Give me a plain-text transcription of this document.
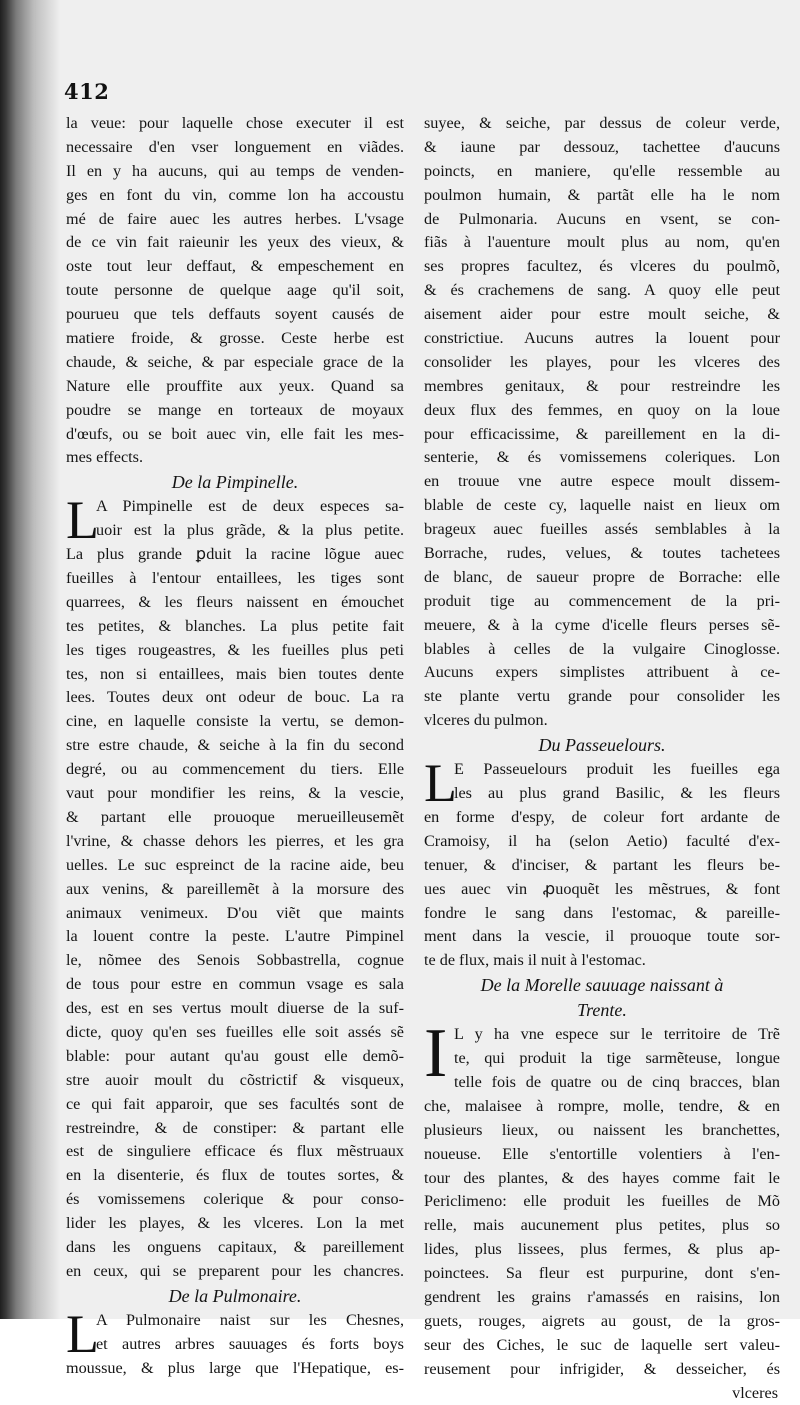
412
la veue: pour laquelle chose executer il est
necessaire d'en vser longuement en viãdes.
Il en y ha aucuns, qui au temps de venden-
ges en font du vin, comme lon ha accoustu
mé de faire auec les autres herbes. L'vsage
de ce vin fait raieunir les yeux des vieux, &
oste tout leur deffaut, & empeschement en
toute personne de quelque aage qu'il soit,
pourueu que tels deffauts soyent causés de
matiere froide, & grosse. Ceste herbe est
chaude, & seiche, & par especiale grace de la
Nature elle prouffite aux yeux. Quand sa
poudre se mange en torteaux de moyaux
d'œufs, ou se boit auec vin, elle fait les mes-
mes effects.
De la Pimpinelle.
L
A Pimpinelle est de deux especes sa-
uoir est la plus grãde, & la plus petite.
La plus grande ꝑduit la racine lõgue auec
fueilles à l'entour entaillees, les tiges sont
quarrees, & les fleurs naissent en émouchet
tes petites, & blanches. La plus petite fait
les tiges rougeastres, & les fueilles plus peti
tes, non si entaillees, mais bien toutes dente
lees. Toutes deux ont odeur de bouc. La ra
cine, en laquelle consiste la vertu, se demon-
stre estre chaude, & seiche à la fin du second
degré, ou au commencement du tiers. Elle
vaut pour mondifier les reins, & la vescie,
& partant elle prouoque merueilleusemẽt
l'vrine, & chasse dehors les pierres, et les gra
uelles. Le suc espreinct de la racine aide, beu
aux venins, & pareillemẽt à la morsure des
animaux venimeux. D'ou viẽt que maints
la louent contre la peste. L'autre Pimpinel
le, nõmee des Senois Sobbastrella, cognue
de tous pour estre en commun vsage es sala
des, est en ses vertus moult diuerse de la suf-
dicte, quoy qu'en ses fueilles elle soit assés sẽ
blable: pour autant qu'au goust elle demõ-
stre auoir moult du cõstrictif & visqueux,
ce qui fait apparoir, que ses facultés sont de
restreindre, & de constiper: & partant elle
est de singuliere efficace és flux mẽstruaux
en la disenterie, és flux de toutes sortes, &
és vomissemens colerique & pour conso-
lider les playes, & les vlceres. Lon la met
dans les onguens capitaux, & pareillement
en ceux, qui se preparent pour les chancres.
De la Pulmonaire.
L
A Pulmonaire naist sur les Chesnes,
et autres arbres sauuages és forts boys
moussue, & plus large que l'Hepatique, es-
suyee, & seiche, par dessus de coleur verde,
& iaune par dessouz, tachettee d'aucuns
poincts, en maniere, qu'elle ressemble au
poulmon humain, & partãt elle ha le nom
de Pulmonaria. Aucuns en vsent, se con-
fiãs à l'auenture moult plus au nom, qu'en
ses propres facultez, és vlceres du poulmõ,
& és crachemens de sang. A quoy elle peut
aisement aider pour estre moult seiche, &
constrictiue. Aucuns autres la louent pour
consolider les playes, pour les vlceres des
membres genitaux, & pour restreindre les
deux flux des femmes, en quoy on la loue
pour efficacissime, & pareillement en la di-
senterie, & és vomissemens coleriques. Lon
en trouue vne autre espece moult dissem-
blable de ceste cy, laquelle naist en lieux om
brageux auec fueilles assés semblables à la
Borrache, rudes, velues, & toutes tachetees
de blanc, de saueur propre de Borrache: elle
produit tige au commencement de la pri-
meuere, & à la cyme d'icelle fleurs perses sẽ-
blables à celles de la vulgaire Cinoglosse.
Aucuns expers simplistes attribuent à ce-
ste plante vertu grande pour consolider les
vlceres du pulmon.
Du Passeuelours.
L
E Passeuelours produit les fueilles ega
les au plus grand Basilic, & les fleurs
en forme d'espy, de coleur fort ardante de
Cramoisy, il ha (selon Aetio) faculté d'ex-
tenuer, & d'inciser, & partant les fleurs be-
ues auec vin ꝓuoquẽt les mẽstrues, & font
fondre le sang dans l'estomac, & pareille-
ment dans la vescie, il prouoque toute sor-
te de flux, mais il nuit à l'estomac.
De la Morelle sauuage naissant à
Trente.
I L y ha vne espece sur le territoire de Trẽ
te, qui produit la tige sarmẽteuse, longue
telle fois de quatre ou de cinq bracces, blan
che, malaisee à rompre, molle, tendre, & en
plusieurs lieux, ou naissent les branchettes,
noueuse. Elle s'entortille volentiers à l'en-
tour des plantes, & des hayes comme fait le
Periclimeno: elle produit les fueilles de Mõ
relle, mais aucunement plus petites, plus so
lides, plus lissees, plus fermes, & plus ap-
poinctees. Sa fleur est purpurine, dont s'en-
gendrent les grains r'amassés en raisins, lon
guets, rouges, aigrets au goust, de la gros-
seur des Ciches, le suc de laquelle sert valeu-
reusement pour infrigider, & desseicher, és
vlceres
